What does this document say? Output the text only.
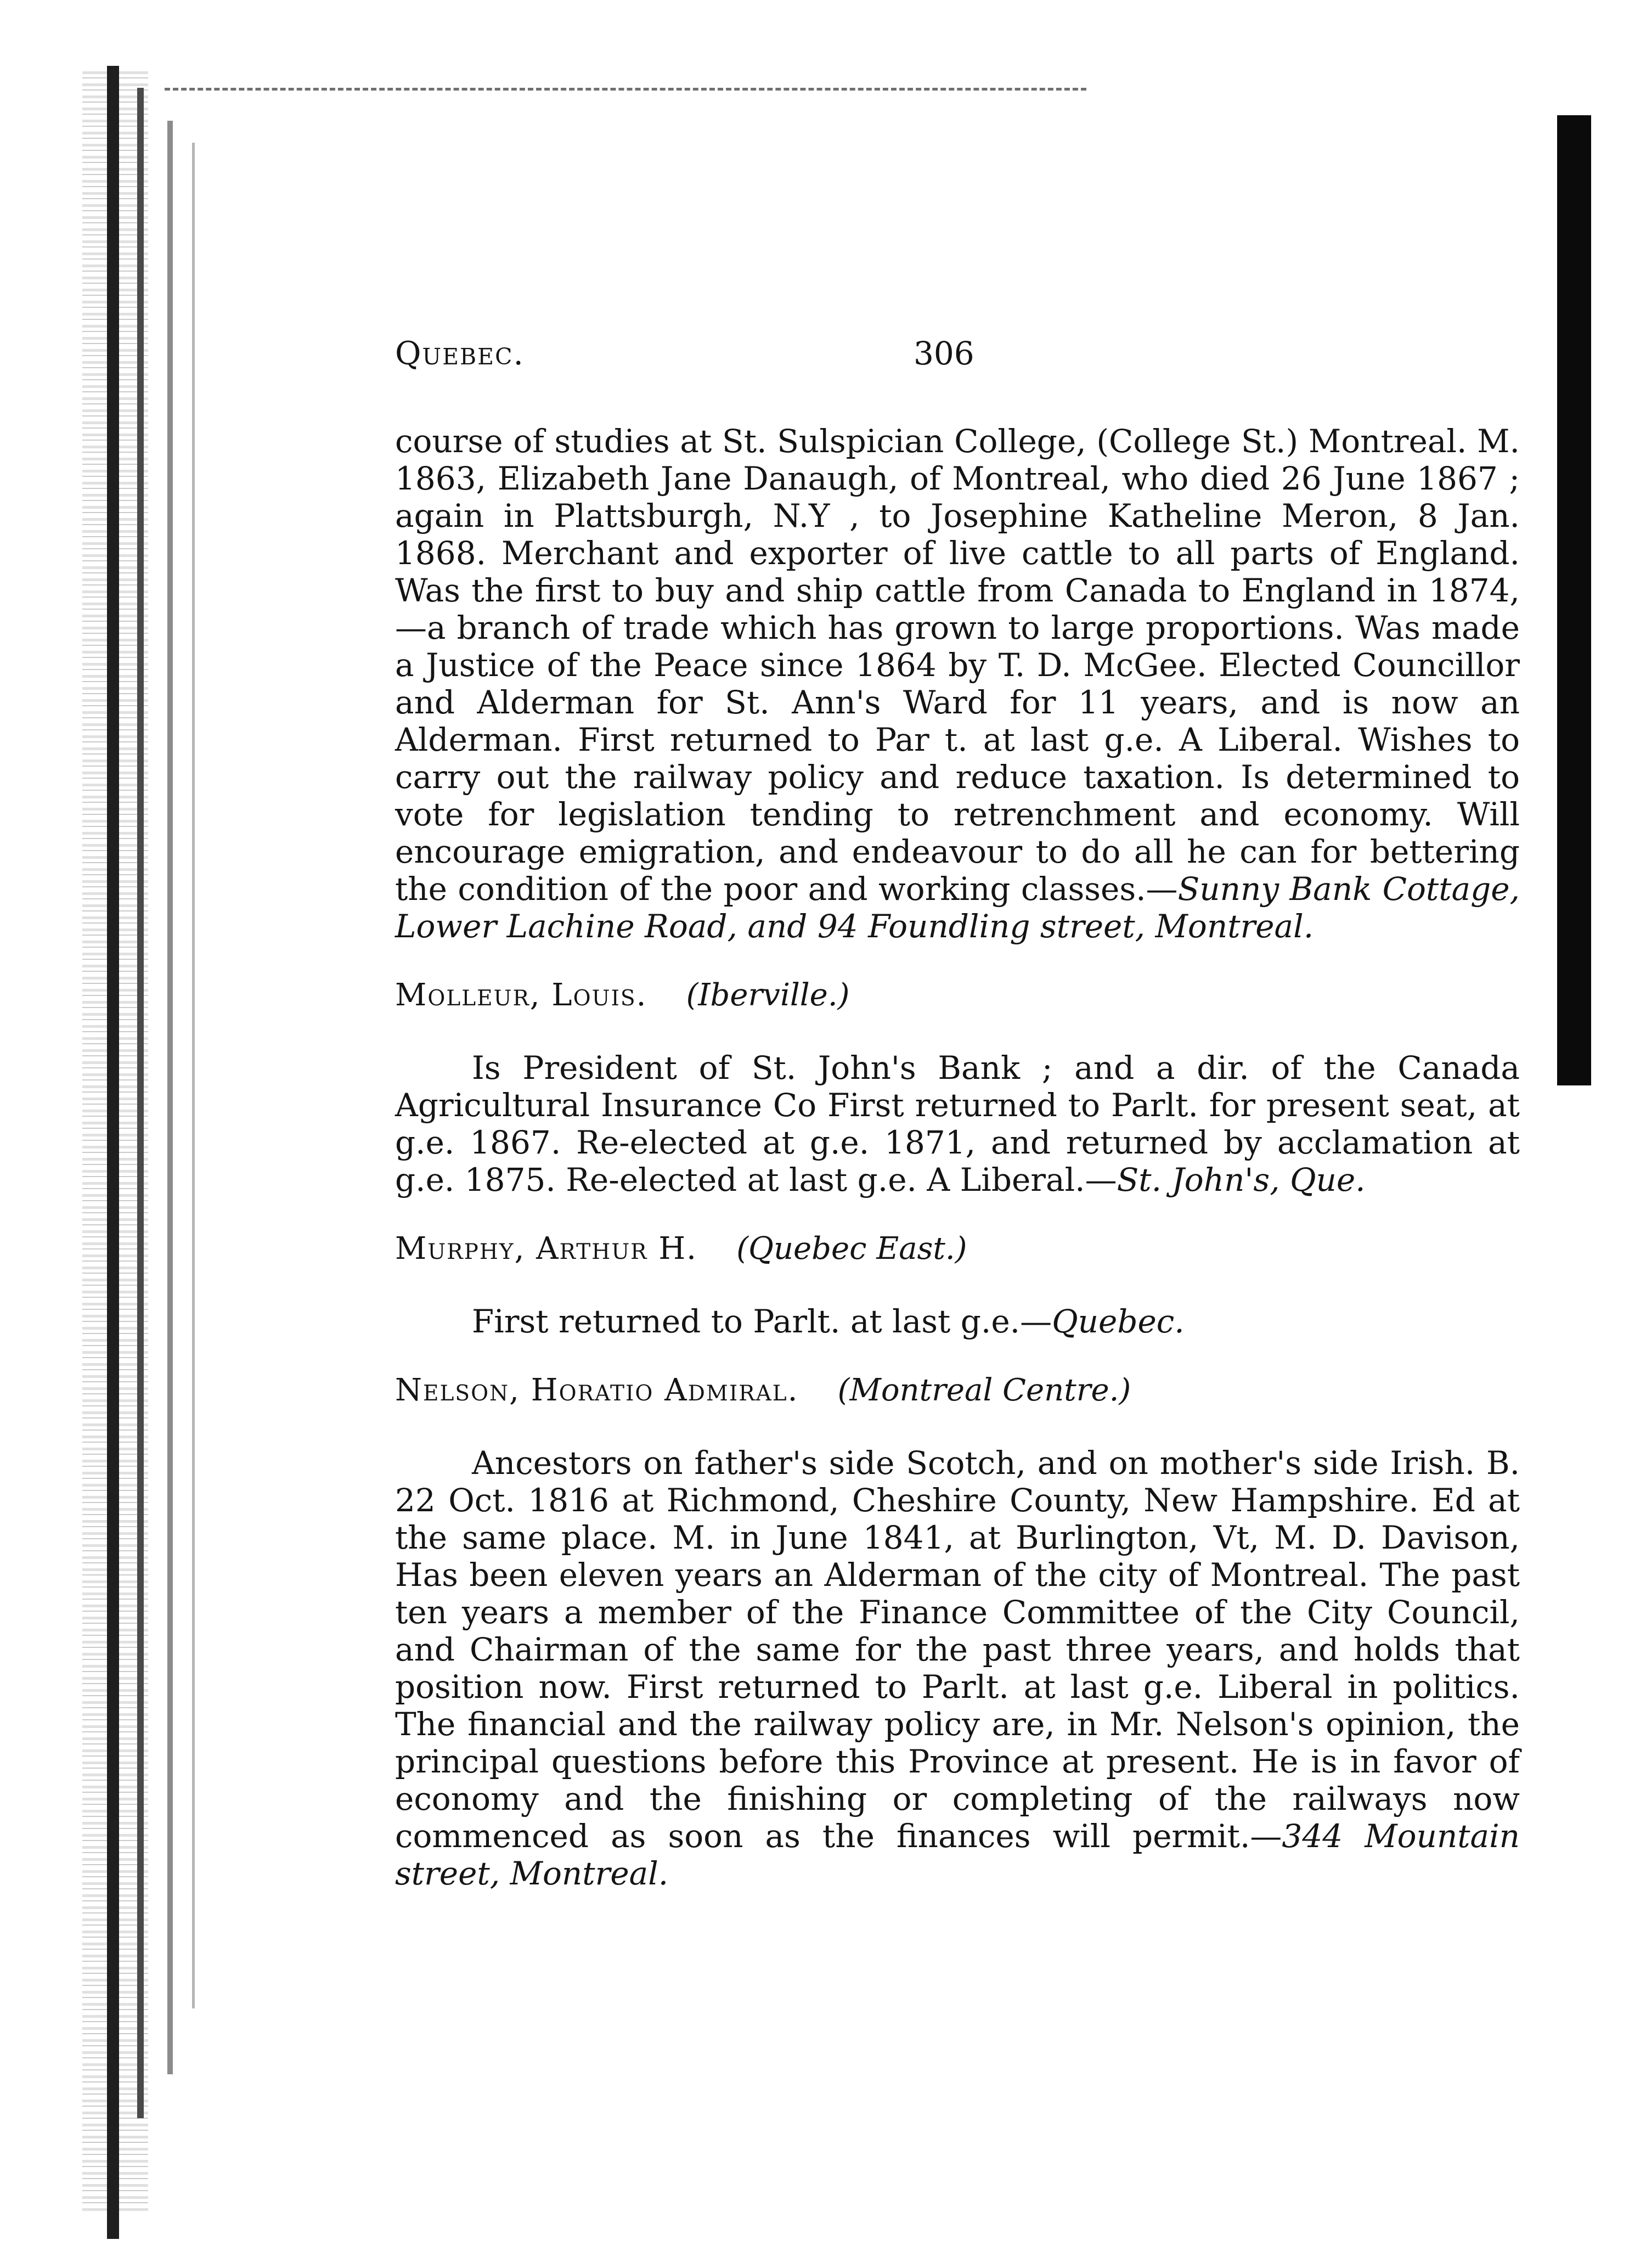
Quebec.	306

course of studies at St. Sulspician College, (College St.) Montreal. M. 1863, Elizabeth Jane Danaugh, of Montreal, who died 26 June 1867 ; again in Plattsburgh, N.Y , to Josephine Katheline Meron, 8 Jan. 1868. Merchant and exporter of live cattle to all parts of England. Was the first to buy and ship cattle from Canada to England in 1874,—a branch of trade which has grown to large proportions. Was made a Justice of the Peace since 1864 by T. D. McGee. Elected Councillor and Alderman for St. Ann's Ward for 11 years, and is now an Alderman. First returned to Par t. at last g.e. A Liberal. Wishes to carry out the railway policy and reduce taxation. Is determined to vote for legislation tending to retrenchment and economy. Will encourage emigration, and endeavour to do all he can for bettering the condition of the poor and working classes.—Sunny Bank Cottage, Lower Lachine Road, and 94 Foundling street, Montreal.

Molleur, Louis. (Iberville.)

Is President of St. John's Bank ; and a dir. of the Canada Agricultural Insurance Co First returned to Parlt. for present seat, at g.e. 1867. Re-elected at g.e. 1871, and returned by acclamation at g.e. 1875. Re-elected at last g.e. A Liberal.—St. John's, Que.

Murphy, Arthur H. (Quebec East.)

First returned to Parlt. at last g.e.—Quebec.

Nelson, Horatio Admiral. (Montreal Centre.)

Ancestors on father's side Scotch, and on mother's side Irish. B. 22 Oct. 1816 at Richmond, Cheshire County, New Hampshire. Ed at the same place. M. in June 1841, at Burlington, Vt, M. D. Davison, Has been eleven years an Alderman of the city of Montreal. The past ten years a member of the Finance Committee of the City Council, and Chairman of the same for the past three years, and holds that position now. First returned to Parlt. at last g.e. Liberal in politics. The financial and the railway policy are, in Mr. Nelson's opinion, the principal questions before this Province at present. He is in favor of economy and the finishing or completing of the railways now commenced as soon as the finances will permit.—344 Mountain street, Montreal.
